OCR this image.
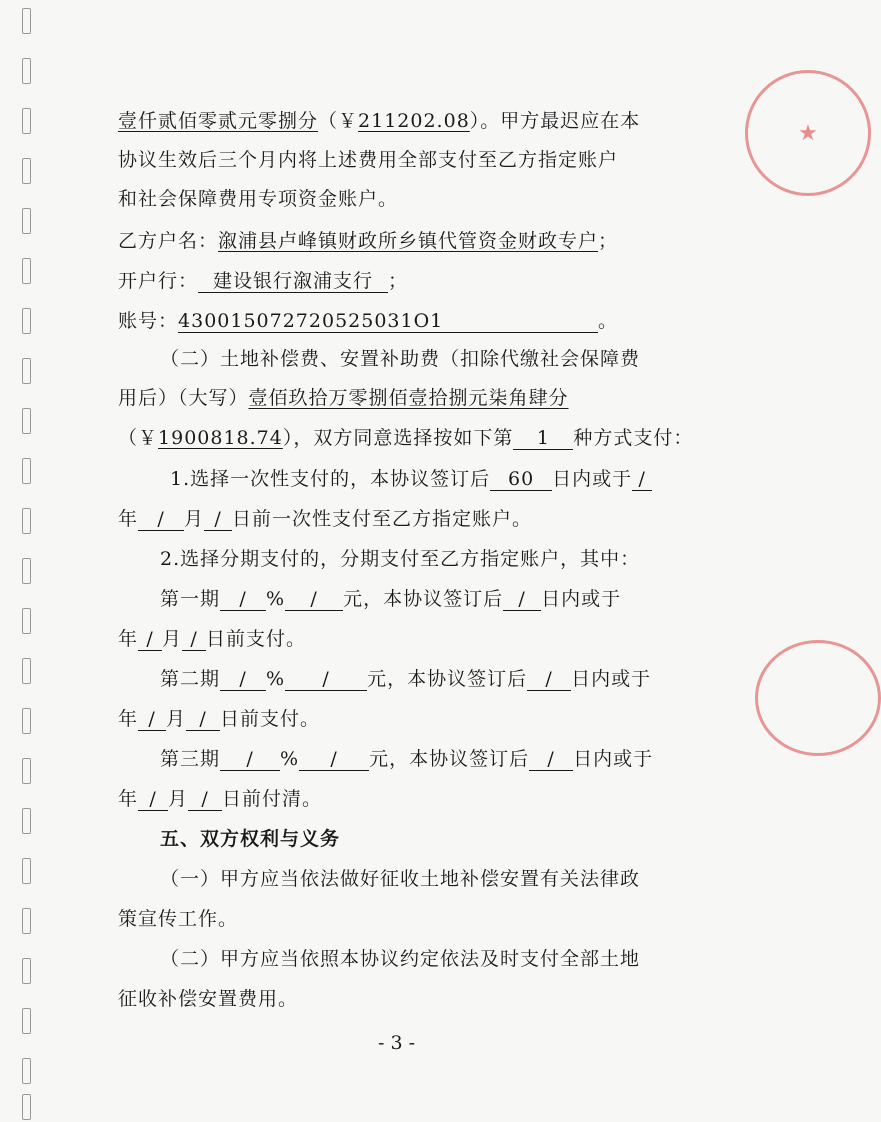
★
壹仟贰佰零贰元零捌分（￥211202.08）。甲方最迟应在本
协议生效后三个月内将上述费用全部支付至乙方指定账户
和社会保障费用专项资金账户。
乙方户名：溆浦县卢峰镇财政所乡镇代管资金财政专户；
开户行： 建设银行溆浦支行 ；
账号：430015072720525031O1	。
（二）土地补偿费、安置补助费（扣除代缴社会保障费
用后）（大写）壹佰玖拾万零捌佰壹拾捌元柒角肆分
（￥1900818.74），双方同意选择按如下第 1 种方式支付：
1.选择一次性支付的，本协议签订后 60 日内或于 /
年 / 月 / 日前一次性支付至乙方指定账户。
2.选择分期支付的，分期支付至乙方指定账户，其中：
第一期 / % / 元，本协议签订后 / 日内或于
年 / 月 / 日前支付。
第二期 / % / 元，本协议签订后 / 日内或于
年 / 月 / 日前支付。
第三期 / % / 元，本协议签订后 / 日内或于
年 / 月 / 日前付清。
五、双方权利与义务
（一）甲方应当依法做好征收土地补偿安置有关法律政
策宣传工作。
（二）甲方应当依照本协议约定依法及时支付全部土地
征收补偿安置费用。
- 3 -
